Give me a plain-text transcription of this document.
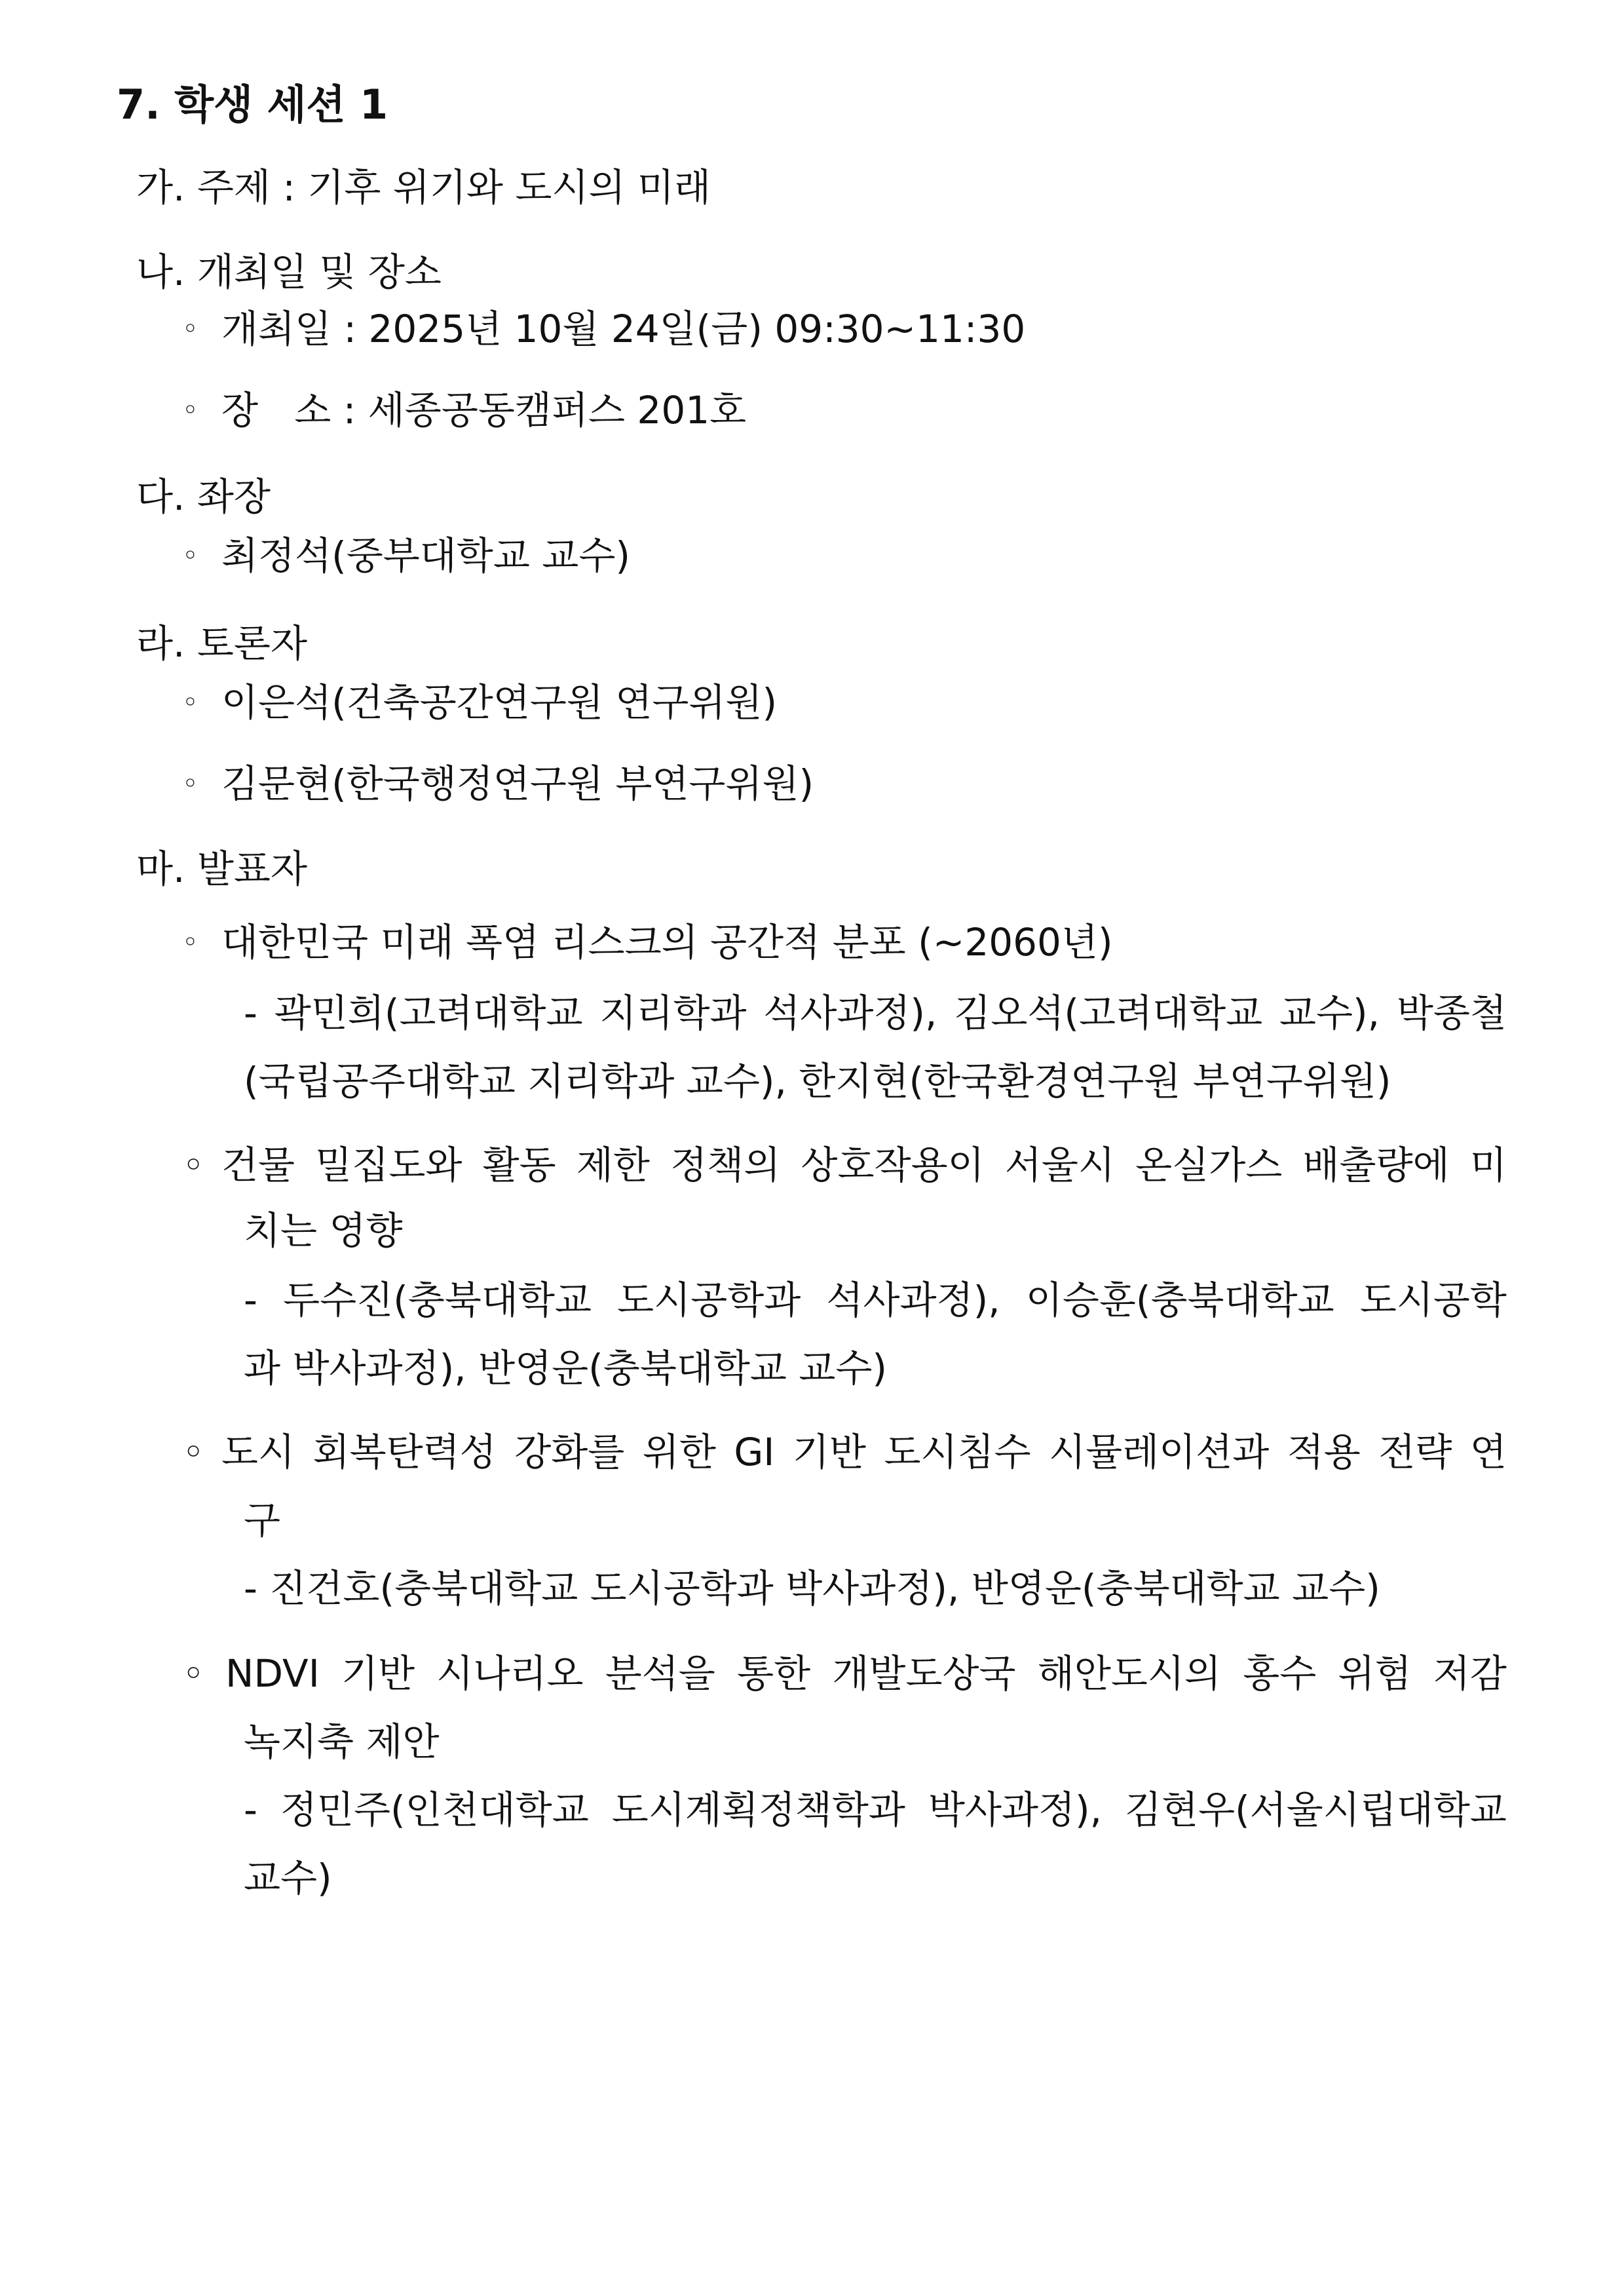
7. 학생 세션 1
가. 주제 : 기후 위기와 도시의 미래
나. 개최일 및 장소
◦ 개최일 : 2025년 10월 24일(금) 09:30~11:30
◦ 장   소 : 세종공동캠퍼스 201호
다. 좌장
◦ 최정석(중부대학교 교수)
라. 토론자
◦ 이은석(건축공간연구원 연구위원)
◦ 김문현(한국행정연구원 부연구위원)
마. 발표자
◦ 대한민국 미래 폭염 리스크의 공간적 분포 (~2060년)
- 곽민희(고려대학교 지리학과 석사과정), 김오석(고려대학교 교수), 박종철
(국립공주대학교 지리학과 교수), 한지현(한국환경연구원 부연구위원)
◦ 건물 밀집도와 활동 제한 정책의 상호작용이 서울시 온실가스 배출량에 미
치는 영향
- 두수진(충북대학교 도시공학과 석사과정), 이승훈(충북대학교 도시공학
과 박사과정), 반영운(충북대학교 교수)
◦ 도시 회복탄력성 강화를 위한 GI 기반 도시침수 시뮬레이션과 적용 전략 연
구
- 진건호(충북대학교 도시공학과 박사과정), 반영운(충북대학교 교수)
◦ NDVI 기반 시나리오 분석을 통한 개발도상국 해안도시의 홍수 위험 저감
녹지축 제안
- 정민주(인천대학교 도시계획정책학과 박사과정), 김현우(서울시립대학교
교수)
